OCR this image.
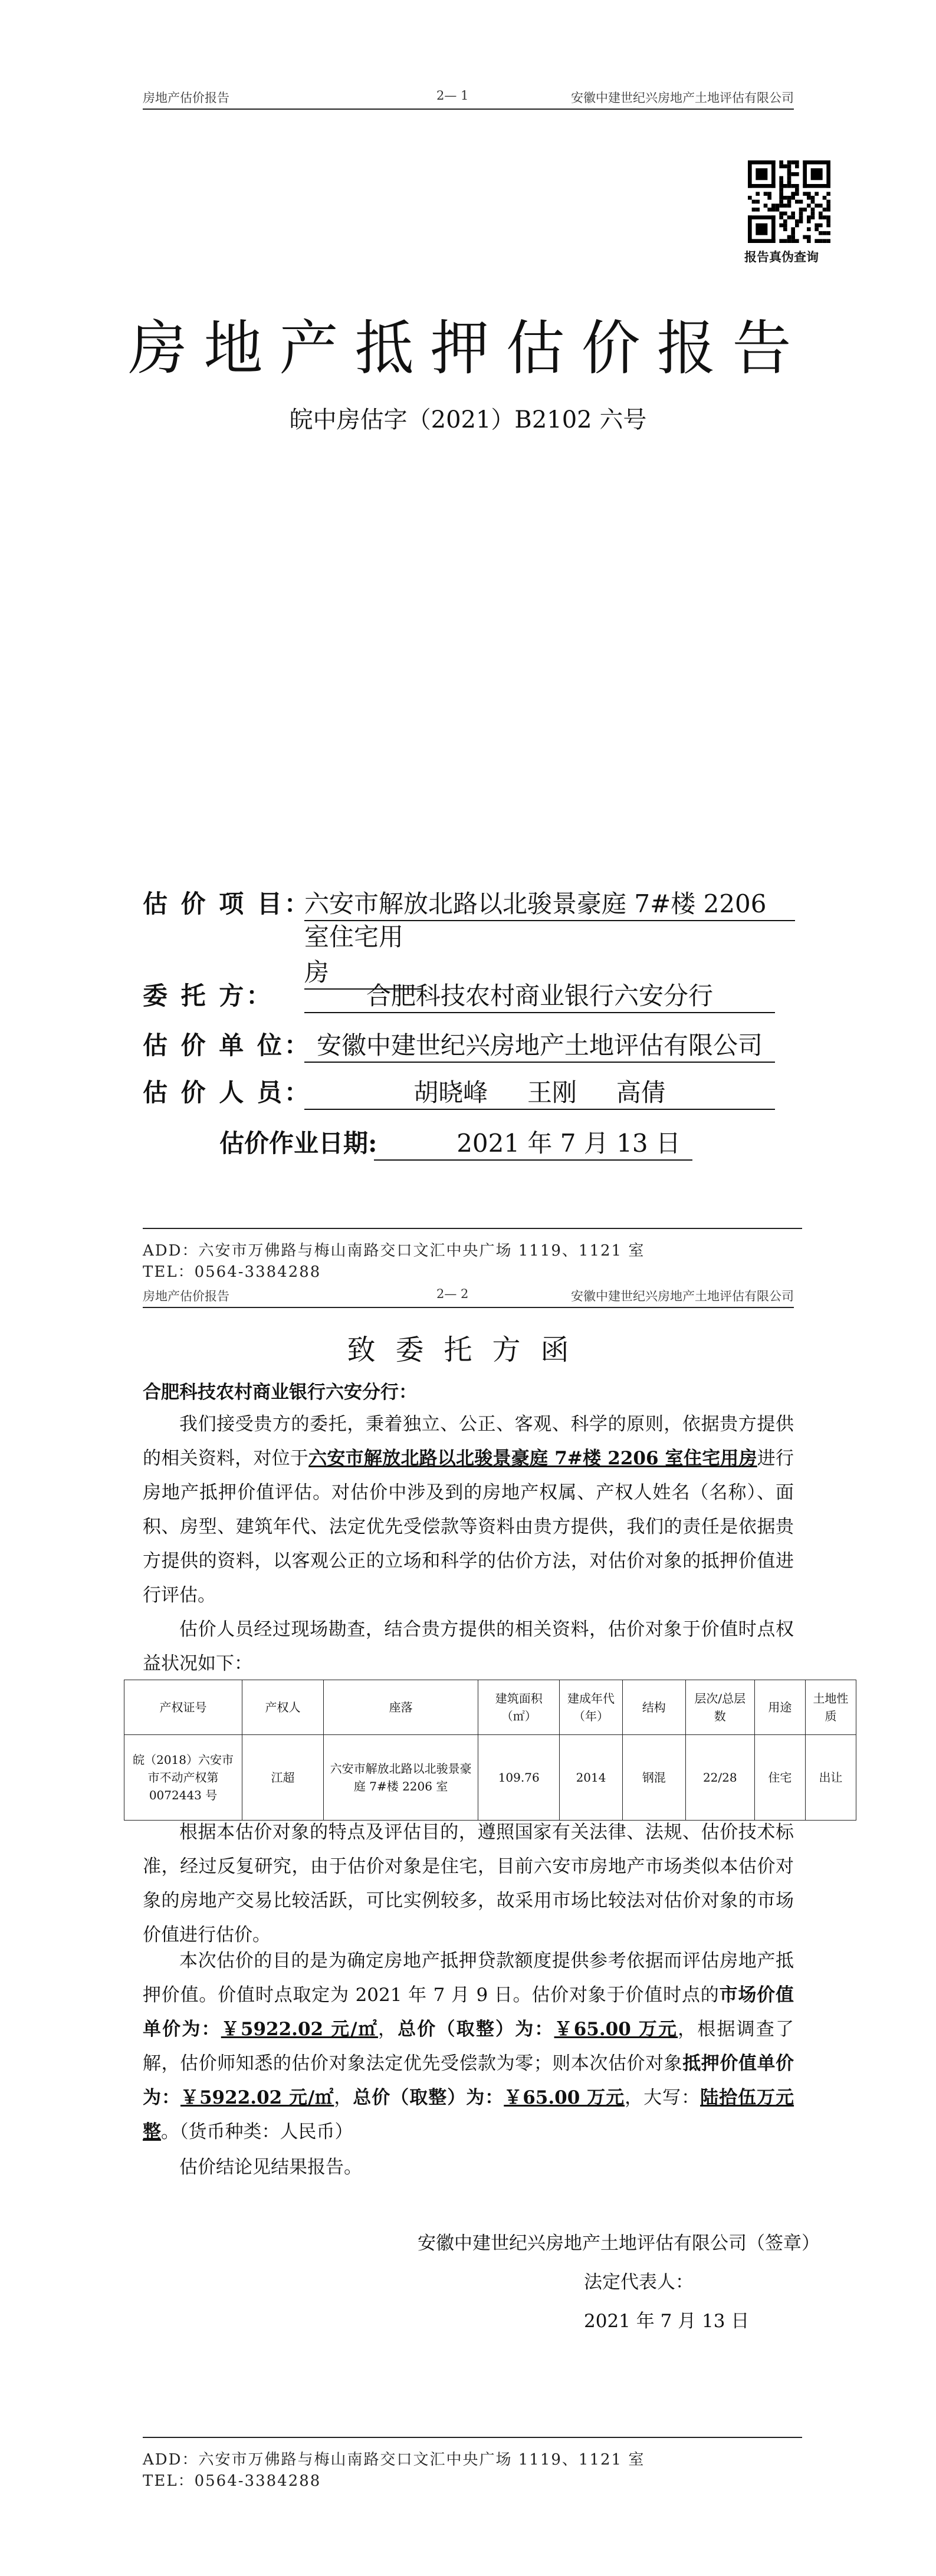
房地产估价报告	2— 1	安徽中建世纪兴房地产土地评估有限公司
报告真伪查询
房地产抵押估价报告
皖中房估字（2021）B2102 六号
估 价 项 目：
六安市解放北路以北骏景豪庭 7#楼 2206
室住宅用房
委 托 方：	合肥科技农村商业银行六安分行
估 价 单 位： 安徽中建世纪兴房地产土地评估有限公司
估 价 人 员：	胡晓峰     王刚     高倩
估价作业日期:	2021 年 7 月 13 日
ADD：六安市万佛路与梅山南路交口文汇中央广场 1119、1121 室
TEL：0564-3384288
房地产估价报告	2— 2	安徽中建世纪兴房地产土地评估有限公司
致委托方函
合肥科技农村商业银行六安分行：

我们接受贵方的委托，秉着独立、公正、客观、科学的原则，依据贵方提供的相关资料，对位于六安市解放北路以北骏景豪庭 7#楼 2206 室住宅用房进行房地产抵押价值评估。对估价中涉及到的房地产权属、产权人姓名（名称）、面积、房型、建筑年代、法定优先受偿款等资料由贵方提供，我们的责任是依据贵方提供的资料，以客观公正的立场和科学的估价方法，对估价对象的抵押价值进行评估。

估价人员经过现场勘查，结合贵方提供的相关资料，估价对象于价值时点权益状况如下：

产权证号	产权人	座落	建筑面积（㎡）	建成年代（年）	结构	层次/总层数	用途	土地性质
皖（2018）六安市市不动产权第 0072443 号	江超	六安市解放北路以北骏景豪庭 7#楼 2206 室	109.76	2014	钢混	22/28	住宅	出让

根据本估价对象的特点及评估目的，遵照国家有关法律、法规、估价技术标准，经过反复研究，由于估价对象是住宅，目前六安市房地产市场类似本估价对象的房地产交易比较活跃，可比实例较多，故采用市场比较法对估价对象的市场价值进行估价。

本次估价的目的是为确定房地产抵押贷款额度提供参考依据而评估房地产抵押价值。价值时点取定为 2021 年 7 月 9 日。估价对象于价值时点的市场价值单价为：￥5922.02 元/㎡，总价（取整）为：￥65.00 万元，根据调查了解，估价师知悉的估价对象法定优先受偿款为零；则本次估价对象抵押价值单价为：￥5922.02 元/㎡，总价（取整）为：￥65.00 万元，大写：陆拾伍万元整。（货币种类：人民币）

估价结论见结果报告。

安徽中建世纪兴房地产土地评估有限公司（签章）
法定代表人：
2021 年 7 月 13 日
ADD：六安市万佛路与梅山南路交口文汇中央广场 1119、1121 室
TEL：0564-3384288
